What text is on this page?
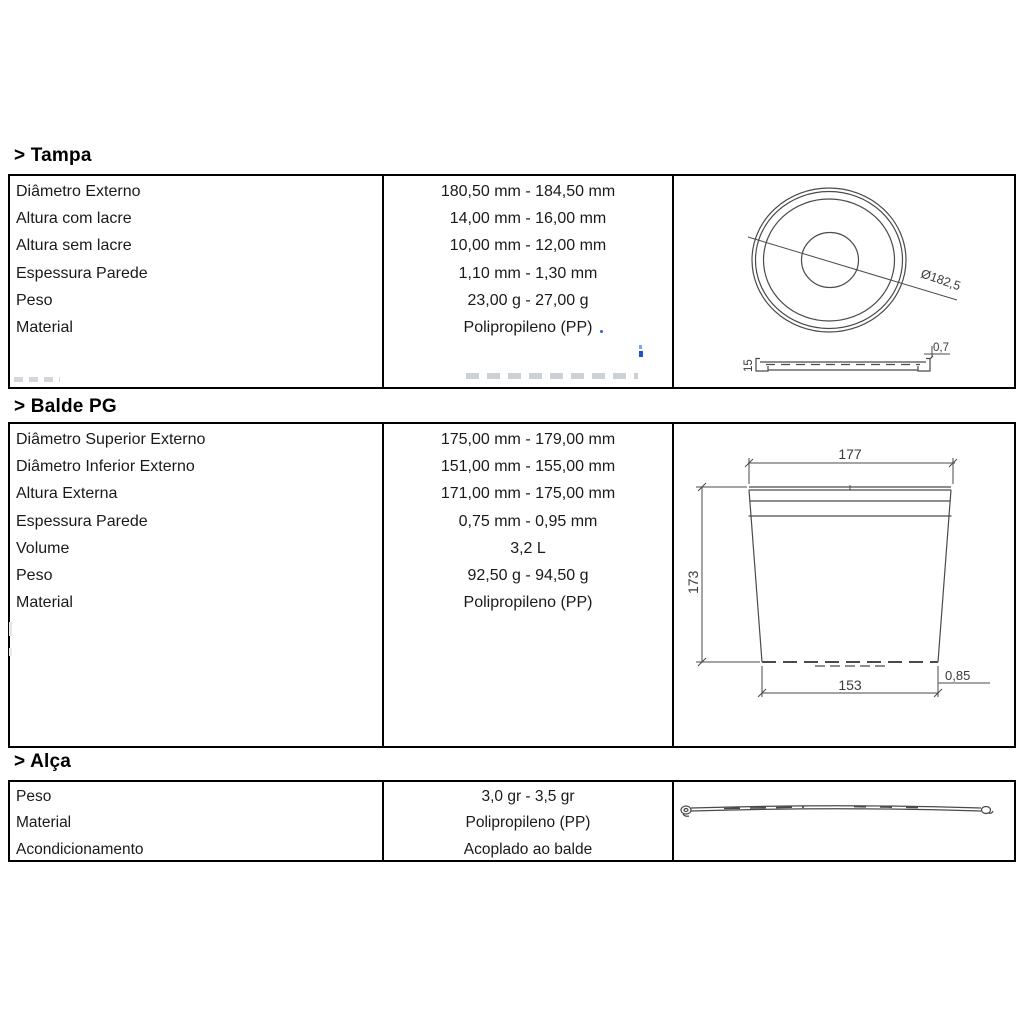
> Tampa
Diâmetro Externo
Altura com lacre
Altura sem lacre
Espessura Parede
Peso
Material
180,50 mm - 184,50 mm
14,00 mm - 16,00 mm
10,00 mm - 12,00 mm
1,10 mm - 1,30 mm
23,00 g - 27,00 g
Polipropileno (PP)
Ø182,5
0,7
15
> Balde PG
Diâmetro Superior Externo
Diâmetro Inferior Externo
Altura Externa
Espessura Parede
Volume
Peso
Material
175,00 mm - 179,00 mm
151,00 mm - 155,00 mm
171,00 mm - 175,00 mm
0,75 mm - 0,95 mm
3,2 L
92,50 g - 94,50 g
Polipropileno (PP)
177
173
153
0,85
> Alça
Peso
Material
Acondicionamento
3,0 gr - 3,5 gr
Polipropileno (PP)
Acoplado ao balde
